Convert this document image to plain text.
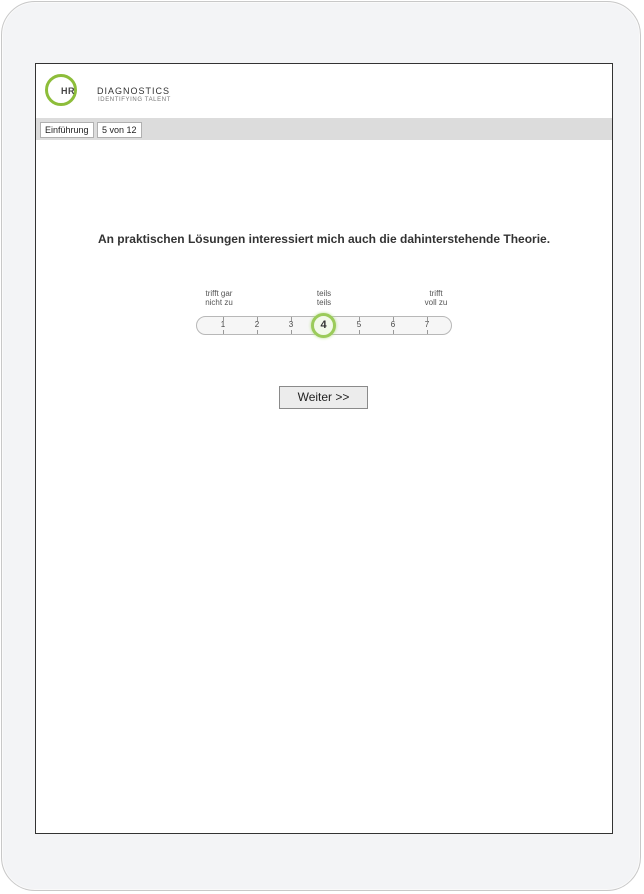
HR DIAGNOSTICS
IDENTIFYING TALENT
Einführung	5 von 12
An praktischen Lösungen interessiert mich auch die dahinterstehende Theorie.
trifft gar
nicht zu
teils
teils
trifft
voll zu
1	2	3	5	6	7
4
Weiter >>
